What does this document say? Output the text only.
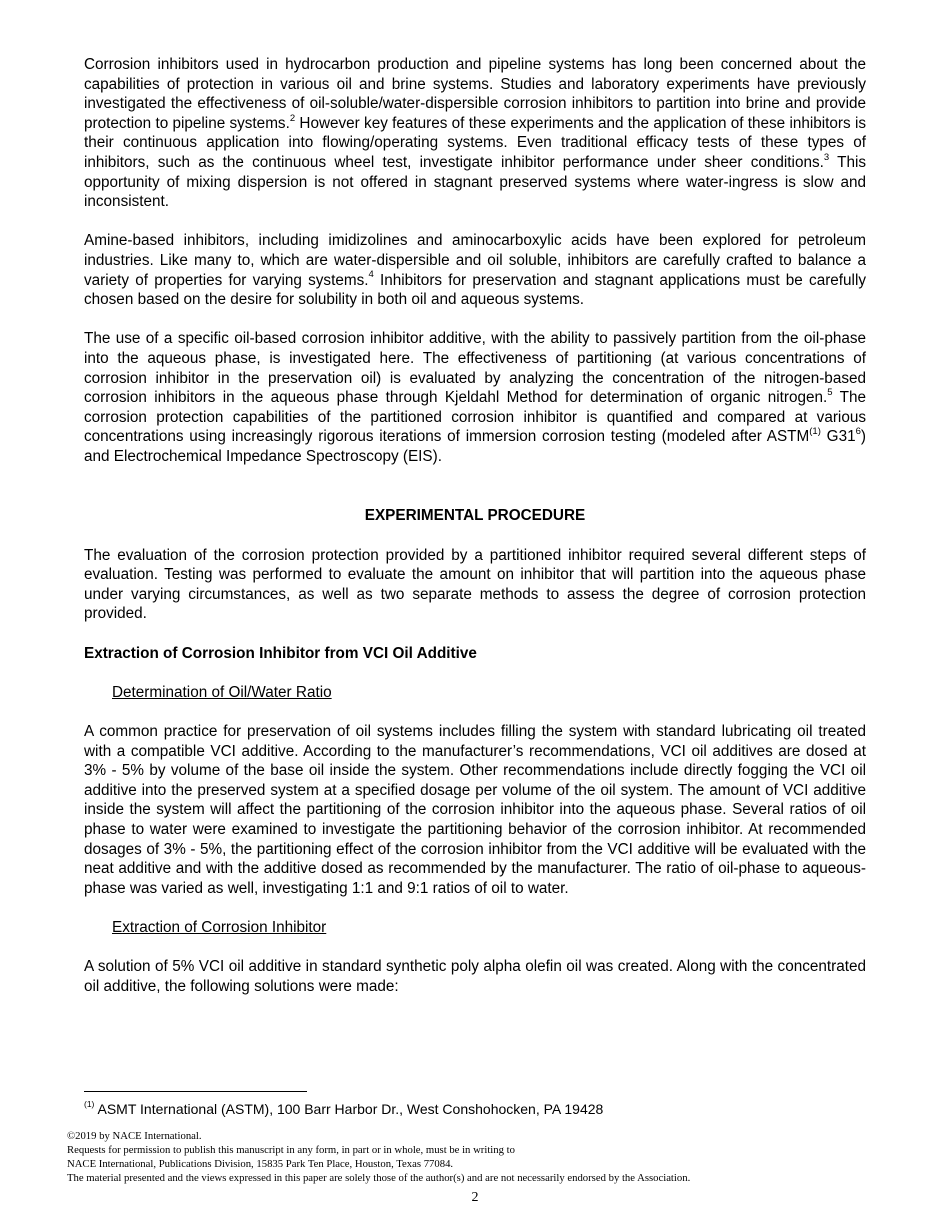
Corrosion inhibitors used in hydrocarbon production and pipeline systems has long been concerned about the capabilities of protection in various oil and brine systems. Studies and laboratory experiments have previously investigated the effectiveness of oil-soluble/water-dispersible corrosion inhibitors to partition into brine and provide protection to pipeline systems.$^2$ However key features of these experiments and the application of these inhibitors is their continuous application into flowing/operating systems. Even traditional efficacy tests of these types of inhibitors, such as the continuous wheel test, investigate inhibitor performance under sheer conditions.$^3$ This opportunity of mixing dispersion is not offered in stagnant preserved systems where water-ingress is slow and inconsistent.

Amine-based inhibitors, including imidizolines and aminocarboxylic acids have been explored for petroleum industries. Like many to, which are water-dispersible and oil soluble, inhibitors are carefully crafted to balance a variety of properties for varying systems.$^4$ Inhibitors for preservation and stagnant applications must be carefully chosen based on the desire for solubility in both oil and aqueous systems.

The use of a specific oil-based corrosion inhibitor additive, with the ability to passively partition from the oil-phase into the aqueous phase, is investigated here. The effectiveness of partitioning (at various concentrations of corrosion inhibitor in the preservation oil) is evaluated by analyzing the concentration of the nitrogen-based corrosion inhibitors in the aqueous phase through Kjeldahl Method for determination of organic nitrogen.$^5$ The corrosion protection capabilities of the partitioned corrosion inhibitor is quantified and compared at various concentrations using increasingly rigorous iterations of immersion corrosion testing (modeled after ASTM$^{(1)}$ $G31^6$) and Electrochemical Impedance Spectroscopy (EIS).

EXPERIMENTAL PROCEDURE

The evaluation of the corrosion protection provided by a partitioned inhibitor required several different steps of evaluation. Testing was performed to evaluate the amount on inhibitor that will partition into the aqueous phase under varying circumstances, as well as two separate methods to assess the degree of corrosion protection provided.

Extraction of Corrosion Inhibitor from VCI Oil Additive
Determination of Oil/Water Ratio

A common practice for preservation of oil systems includes filling the system with standard lubricating oil treated with a compatible VCI additive. According to the manufacturer’s recommendations, VCI oil additives are dosed at 3% - 5% by volume of the base oil inside the system. Other recommendations include directly fogging the VCI oil additive into the preserved system at a specified dosage per volume of the oil system. The amount of VCI additive inside the system will affect the partitioning of the corrosion inhibitor into the aqueous phase. Several ratios of oil phase to water were examined to investigate the partitioning behavior of the corrosion inhibitor. At recommended dosages of 3% - 5%, the partitioning effect of the corrosion inhibitor from the VCI additive will be evaluated with the neat additive and with the additive dosed as recommended by the manufacturer. The ratio of oil-phase to aqueous-phase was varied as well, investigating 1:1 and 9:1 ratios of oil to water.

Extraction of Corrosion Inhibitor

A solution of 5% VCI oil additive in standard synthetic poly alpha olefin oil was created. Along with the concentrated oil additive, the following solutions were made:

$^{(1)}$ ASMT International (ASTM), 100 Barr Harbor Dr., West Conshohocken, PA 19428
©2019 by NACE International.
Requests for permission to publish this manuscript in any form, in part or in whole, must be in writing to
NACE International, Publications Division, 15835 Park Ten Place, Houston, Texas 77084.
The material presented and the views expressed in this paper are solely those of the author(s) and are not necessarily endorsed by the Association.
2
